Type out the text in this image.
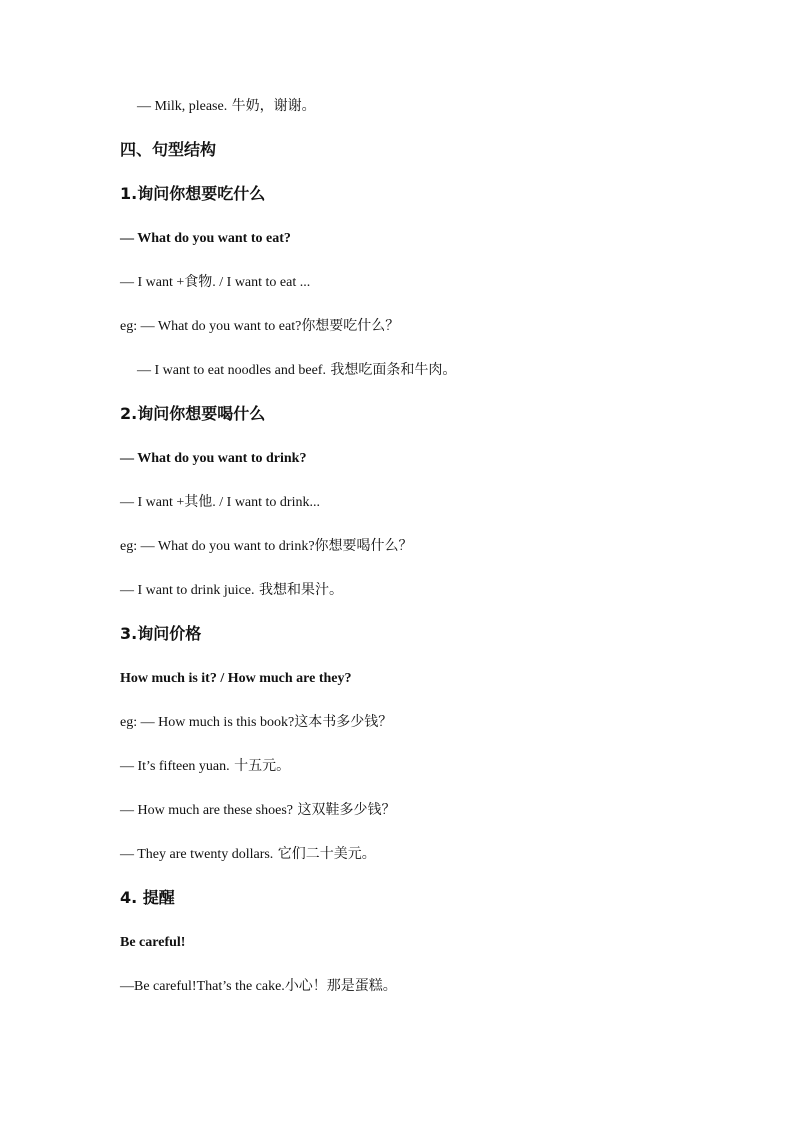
— Milk, please. 牛奶，谢谢。
四、句型结构
1.询问你想要吃什么
— What do you want to eat?
— I want +食物. / I want to eat ...
eg: — What do you want to eat?你想要吃什么？
— I want to eat noodles and beef. 我想吃面条和牛肉。
2.询问你想要喝什么
— What do you want to drink?
— I want +其他. / I want to drink...
eg: — What do you want to drink?你想要喝什么？
— I want to drink juice. 我想和果汁。
3.询问价格
How much is it? / How much are they?
eg: — How much is this book?这本书多少钱？
— It’s fifteen yuan. 十五元。
— How much are these shoes? 这双鞋多少钱？
— They are twenty dollars. 它们二十美元。
4. 提醒
Be careful!
—Be careful!That’s the cake.小心！那是蛋糕。
